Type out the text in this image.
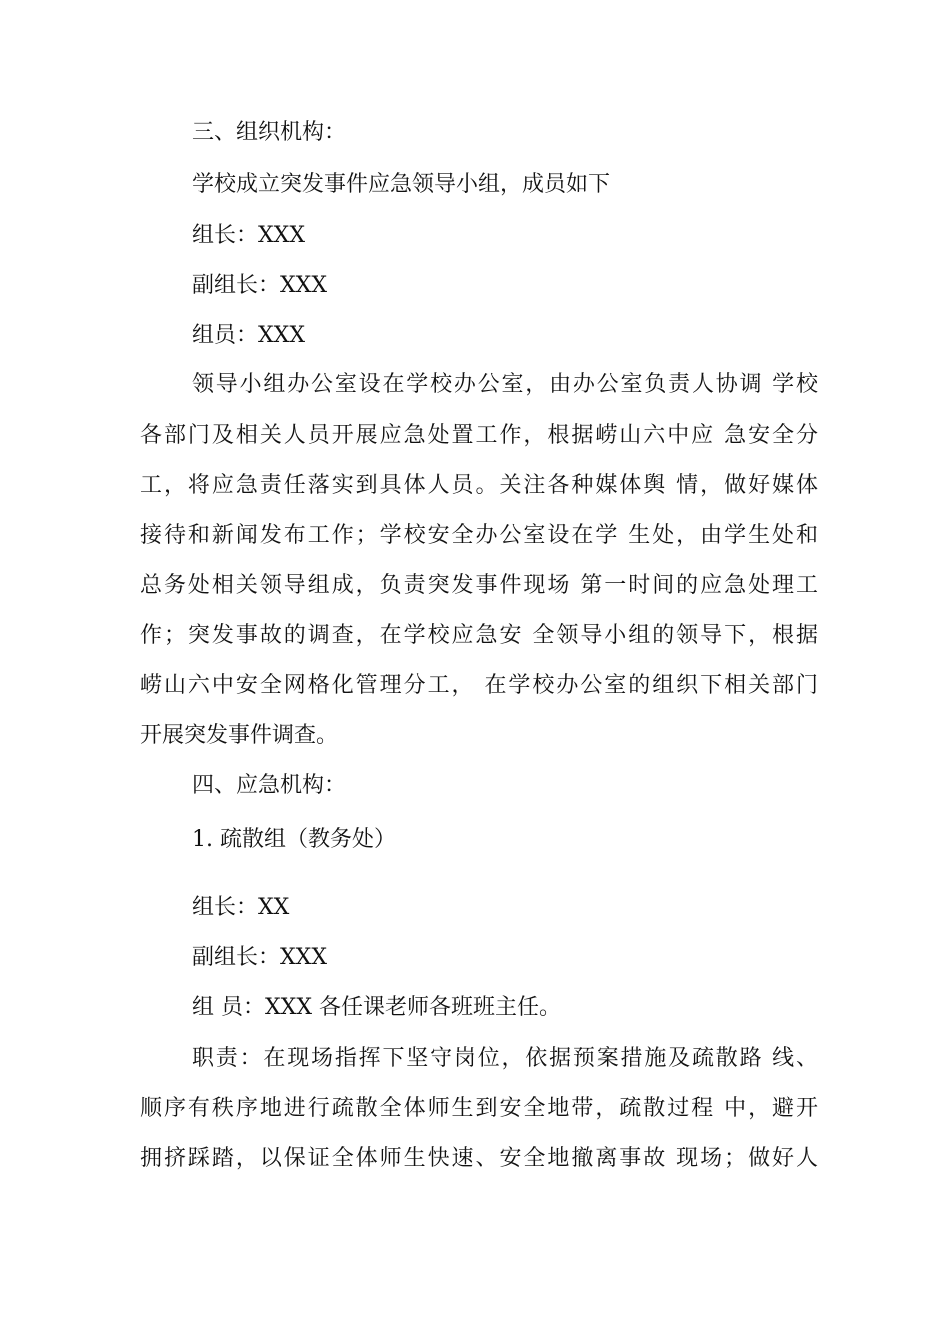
三、组织机构：

学校成立突发事件应急领导小组，成员如下

组长：XXX

副组长：XXX

组员：XXX

领导小组办公室设在学校办公室，由办公室负责人协调 学校

各部门及相关人员开展应急处置工作，根据崂山六中应 急安全分

工，将应急责任落实到具体人员。关注各种媒体舆 情，做好媒体

接待和新闻发布工作；学校安全办公室设在学 生处，由学生处和

总务处相关领导组成，负责突发事件现场 第一时间的应急处理工

作；突发事故的调查，在学校应急安 全领导小组的领导下，根据

崂山六中安全网格化管理分工， 在学校办公室的组织下相关部门

开展突发事件调查。

四、应急机构：

1. 疏散组（教务处）

组长：XX

副组长：XXX

组 员：XXX 各任课老师各班班主任。

职责：在现场指挥下坚守岗位，依据预案措施及疏散路 线、

顺序有秩序地进行疏散全体师生到安全地带，疏散过程 中，避开

拥挤踩踏，以保证全体师生快速、安全地撤离事故 现场；做好人
